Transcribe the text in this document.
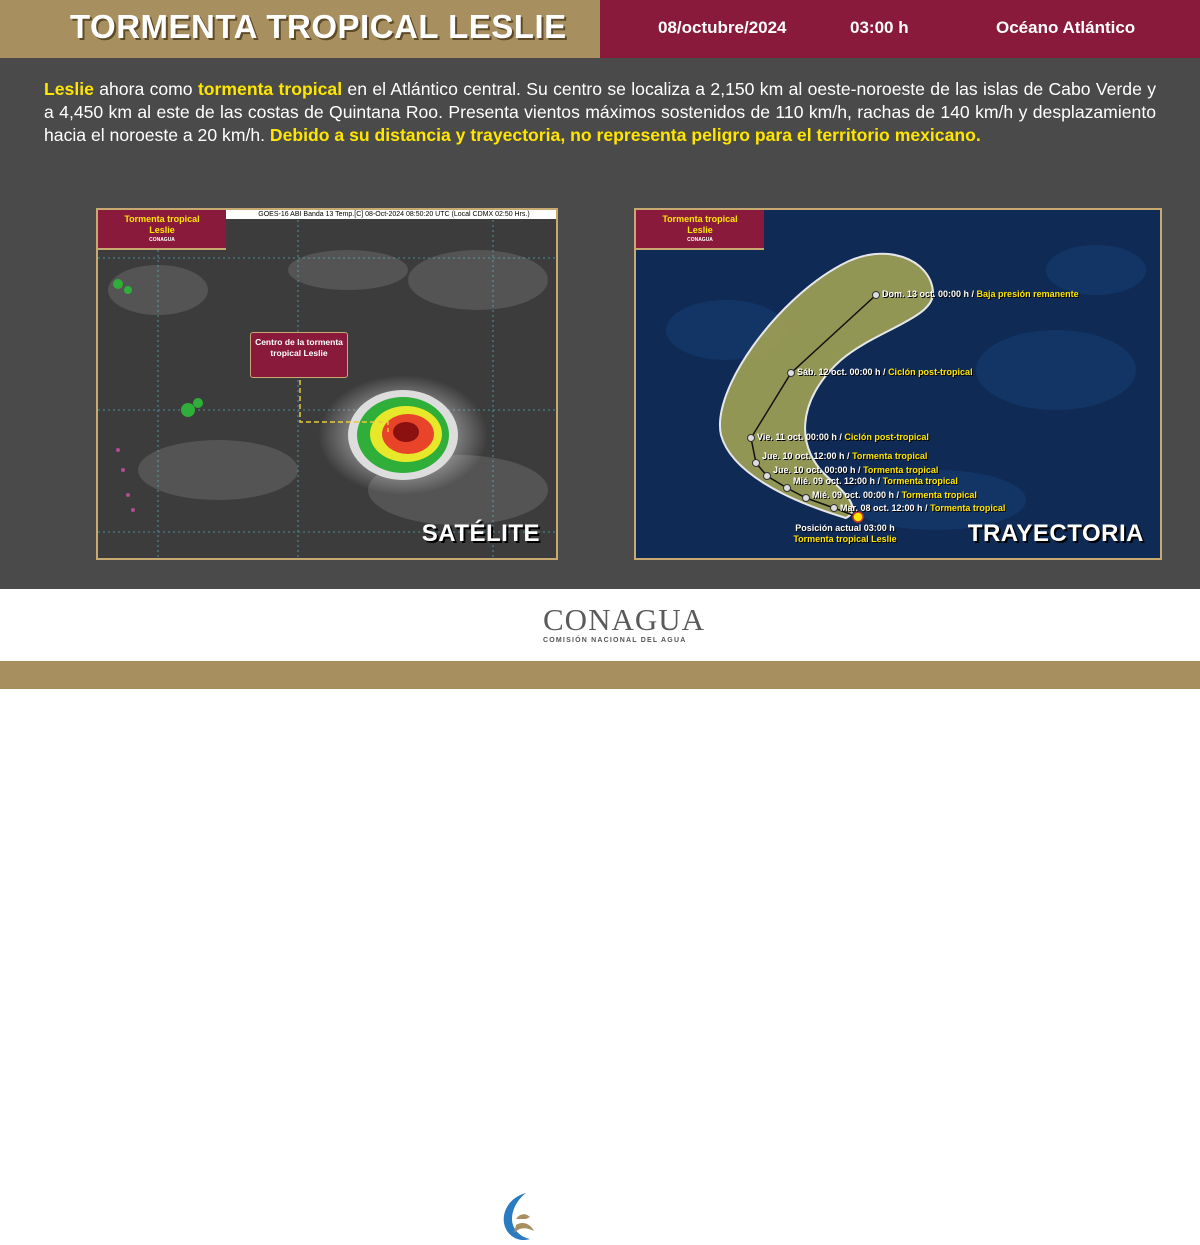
TORMENTA TROPICAL LESLIE	08/octubre/2024	03:00 h	Océano Atlántico
Leslie ahora como tormenta tropical en el Atlántico central. Su centro se localiza a 2,150 km al oeste-noroeste de las islas de Cabo Verde y a 4,450 km al este de las costas de Quintana Roo. Presenta vientos máximos sostenidos de 110 km/h, rachas de 140 km/h y desplazamiento hacia el noroeste a 20 km/h. Debido a su distancia y trayectoria, no representa peligro para el territorio mexicano.
Tormenta tropical
Leslie
CONAGUA
GOES-16 ABI Banda 13 Temp.[C] 08-Oct-2024 08:50:20 UTC (Local CDMX 02:50 Hrs.)
Centro de la tormenta tropical Leslie
SATÉLITE
Tormenta tropical
Leslie
CONAGUA
Dom. 13 oct. 00:00 h / Baja presión remanente
Sáb. 12 oct. 00:00 h / Ciclón post-tropical
Vie. 11 oct. 00:00 h / Ciclón post-tropical
Jue. 10 oct. 12:00 h / Tormenta tropical
Jue. 10 oct. 00:00 h / Tormenta tropical
Mié. 09 oct. 12:00 h / Tormenta tropical
Mié. 09 oct. 00:00 h / Tormenta tropical
Mar. 08 oct. 12:00 h / Tormenta tropical
Posición actual 03:00 h
Tormenta tropical Leslie	TRAYECTORIA
CONAGUA
COMISIÓN NACIONAL DEL AGUA
